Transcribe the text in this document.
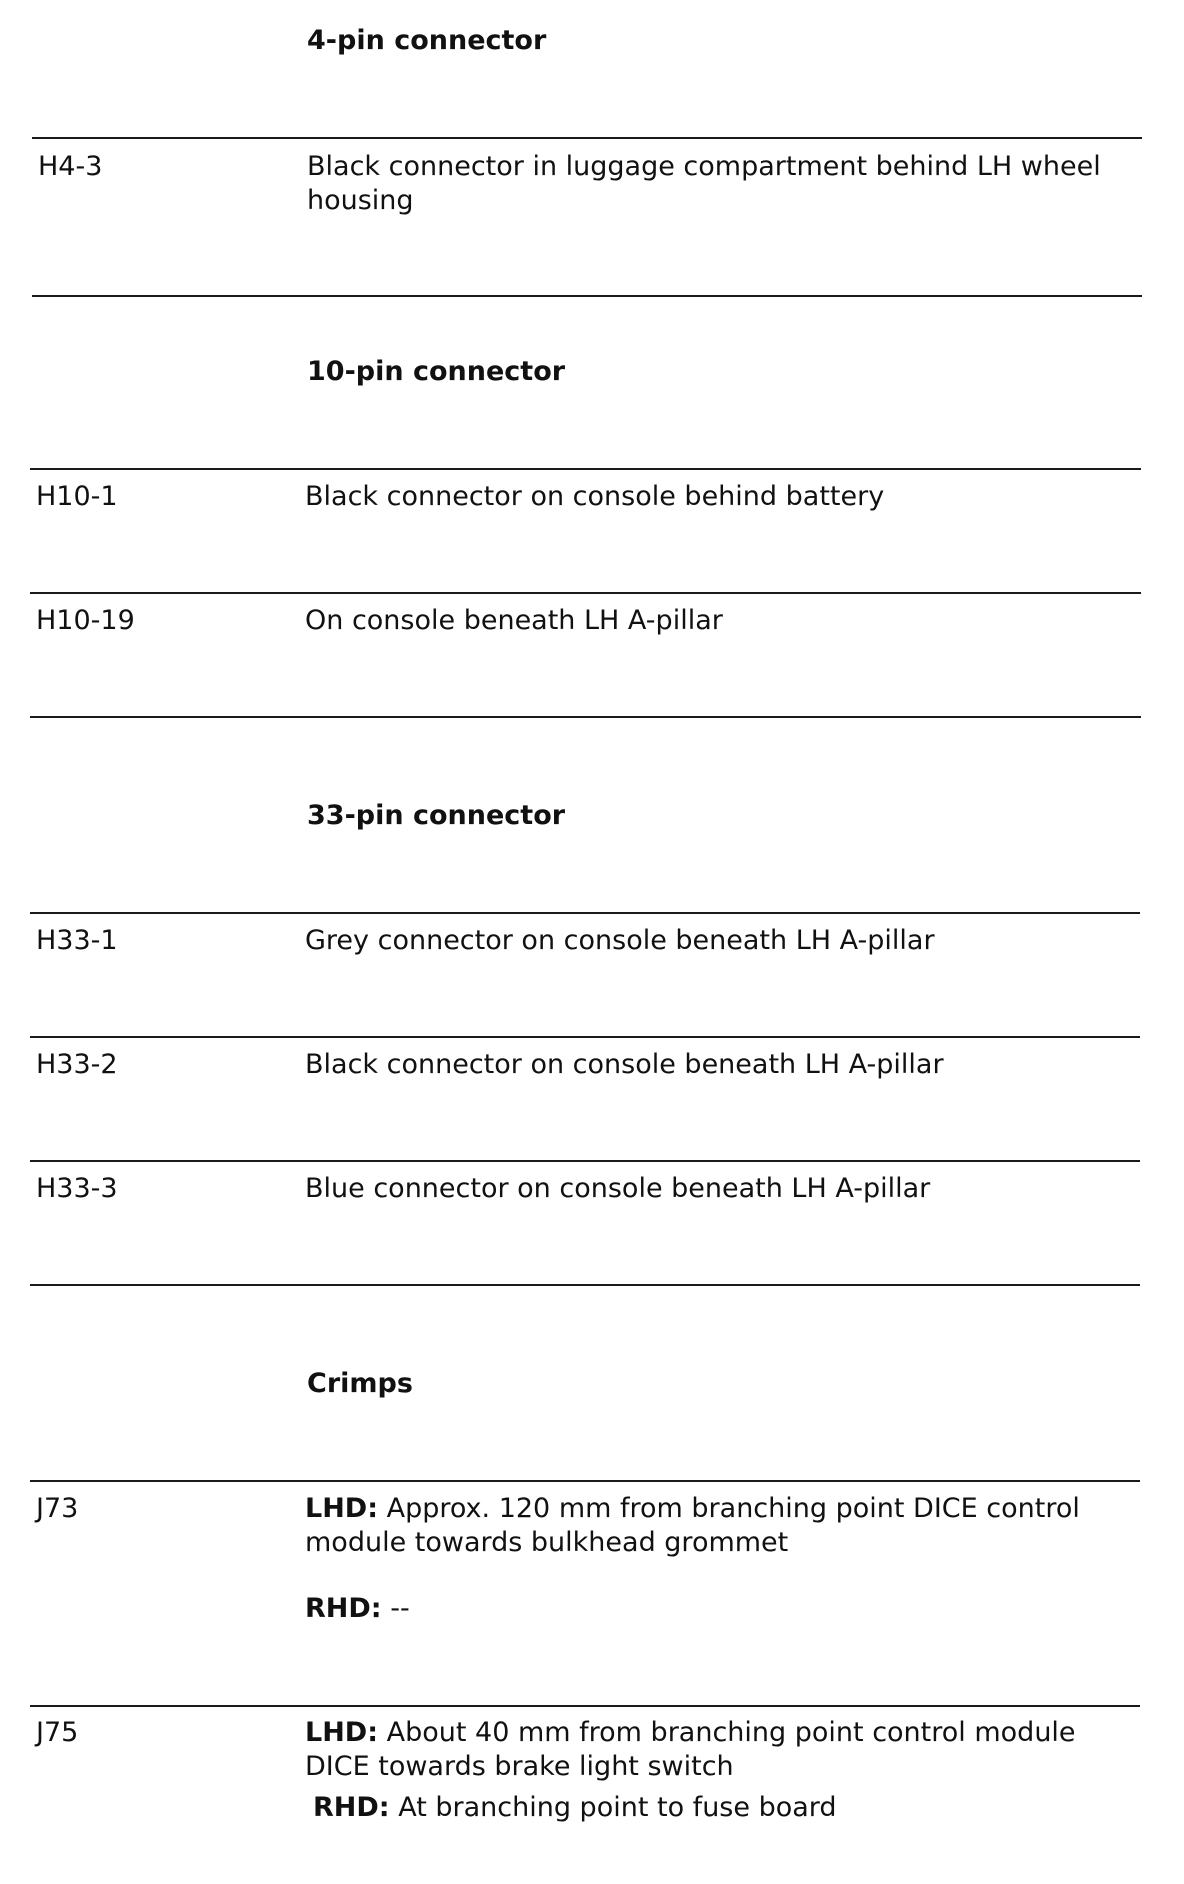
4-pin connector
H4-3	Black connector in luggage compartment behind LH wheel housing
10-pin connector
H10-1	Black connector on console behind battery
H10-19	On console beneath LH A-pillar
33-pin connector
H33-1	Grey connector on console beneath LH A-pillar
H33-2	Black connector on console beneath LH A-pillar
H33-3	Blue connector on console beneath LH A-pillar
Crimps
J73	LHD: Approx. 120 mm from branching point DICE control module towards bulkhead grommet
RHD: --
J75	LHD: About 40 mm from branching point control module DICE towards brake light switch
RHD: At branching point to fuse board
